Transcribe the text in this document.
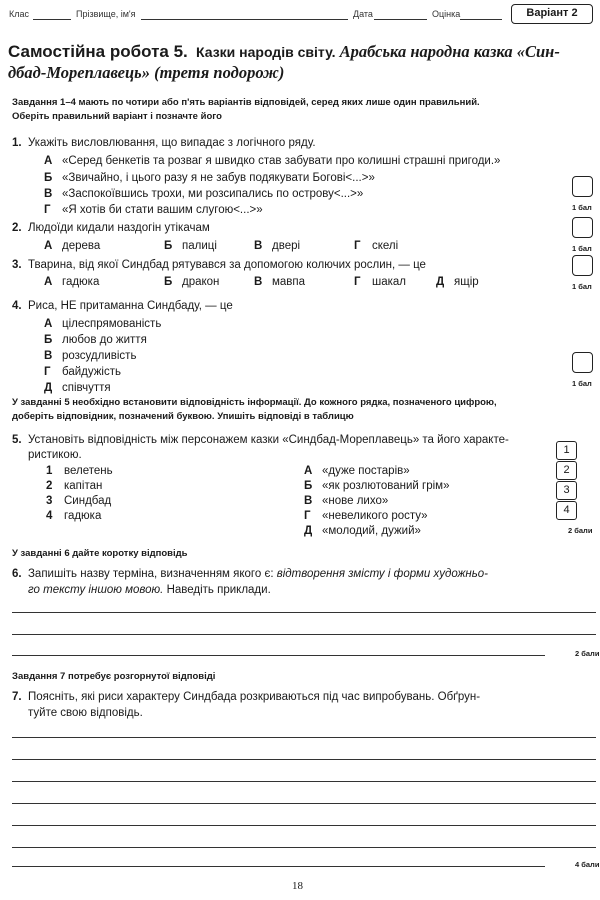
Клас	Прізвище, ім'я	Дата	Оцінка	Варіант 2
Самостійна робота 5. Казки народів світу. Арабська народна казка «Син-
дбад-Мореплавець» (третя подорож)
Завдання 1–4 мають по чотири або п'ять варіантів відповідей, серед яких лише один правильний.
Оберіть правильний варіант і позначте його
1. Укажіть висловлювання, що випадає з логічного ряду.
А «Серед бенкетів та розваг я швидко став забувати про колишні страшні пригоди.»
Б «Звичайно, і цього разу я не забув подякувати Богові<...>»
В «Заспокоївшись трохи, ми розсипались по острову<...>»
Г «Я хотів би стати вашим слугою<...>»	1 бал
2. Людоїди кидали наздогін утікачам
А дерева	Б палиці	В двері	Г скелі	1 бал
3. Тварина, від якої Синдбад рятувався за допомогою колючих рослин, — це
А гадюка	Б дракон	В мавпа	Г шакал	Д ящір	1 бал
4. Риса, НЕ притаманна Синдбаду, — це
А цілеспрямованість
Б любов до життя
В розсудливість
Г байдужість
Д співчуття	1 бал
У завданні 5 необхідно встановити відповідність інформації. До кожного рядка, позначеного цифрою,
доберіть відповідник, позначений буквою. Упишіть відповіді в таблицю
5. Установіть відповідність між персонажем казки «Синдбад-Мореплавець» та його характе-
ристикою.
1 велетень
2 капітан
3 Синдбад
4 гадюка
А «дуже постарів»
Б «як розлютований грім»
В «нове лихо»
Г «невеликого росту»
Д «молодий, дужий»
1
2
3
4
2 бали
У завданні 6 дайте коротку відповідь
6. Запишіть назву терміна, визначенням якого є: відтворення змісту і форми художньо-
го тексту іншою мовою. Наведіть приклади.
2 бали
Завдання 7 потребує розгорнутої відповіді
7. Поясніть, які риси характеру Синдбада розкриваються під час випробувань. Обґрун-
туйте свою відповідь.
4 бали
18
